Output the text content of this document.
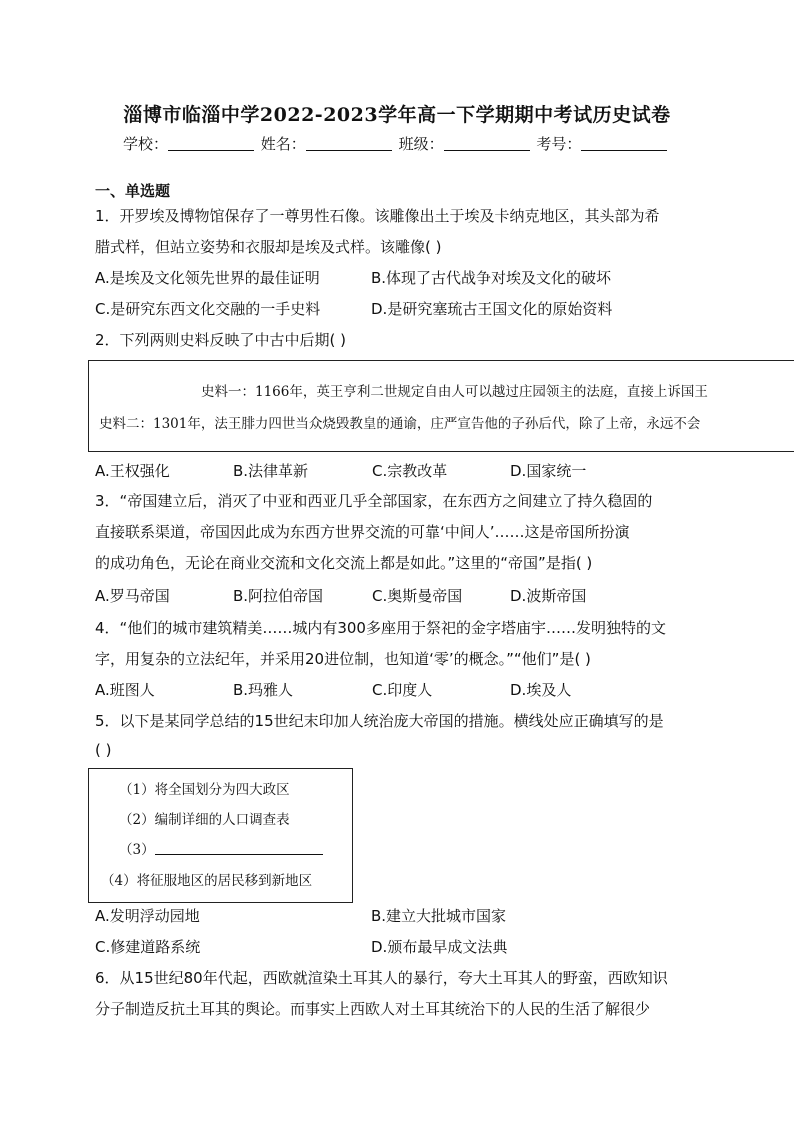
淄博市临淄中学2022-2023学年高一下学期期中考试历史试卷
学校：	姓名：	班级：	考号：
一、单选题
1．开罗埃及博物馆保存了一尊男性石像。该雕像出土于埃及卡纳克地区，其头部为希
腊式样，但站立姿势和衣服却是埃及式样。该雕像( )
A.是埃及文化领先世界的最佳证明	B.体现了古代战争对埃及文化的破坏
C.是研究东西文化交融的一手史料	D.是研究塞琉古王国文化的原始资料
2．下列两则史料反映了中古中后期( )
史料一：1166年，英王亨利二世规定自由人可以越过庄园领主的法庭，直接上诉国王
史料二：1301年，法王腓力四世当众烧毁教皇的通谕，庄严宣告他的子孙后代，除了上帝，永远不会
A.王权强化	B.法律革新	C.宗教改革	D.国家统一
3．“帝国建立后，消灭了中亚和西亚几乎全部国家，在东西方之间建立了持久稳固的
直接联系渠道，帝国因此成为东西方世界交流的可靠‘中间人’……这是帝国所扮演
的成功角色，无论在商业交流和文化交流上都是如此。”这里的“帝国”是指( )
A.罗马帝国	B.阿拉伯帝国	C.奥斯曼帝国	D.波斯帝国
4．“他们的城市建筑精美……城内有300多座用于祭祀的金字塔庙宇……发明独特的文
字，用复杂的立法纪年，并采用20进位制，也知道‘零’的概念。”“他们”是( )
A.班图人	B.玛雅人	C.印度人	D.埃及人
5．以下是某同学总结的15世纪末印加人统治庞大帝国的措施。横线处应正确填写的是
( )
（1）将全国划分为四大政区
（2）编制详细的人口调查表
（3）
（4）将征服地区的居民移到新地区
A.发明浮动园地	B.建立大批城市国家
C.修建道路系统	D.颁布最早成文法典
6．从15世纪80年代起，西欧就渲染土耳其人的暴行，夸大土耳其人的野蛮，西欧知识
分子制造反抗土耳其的舆论。而事实上西欧人对土耳其统治下的人民的生活了解很少
